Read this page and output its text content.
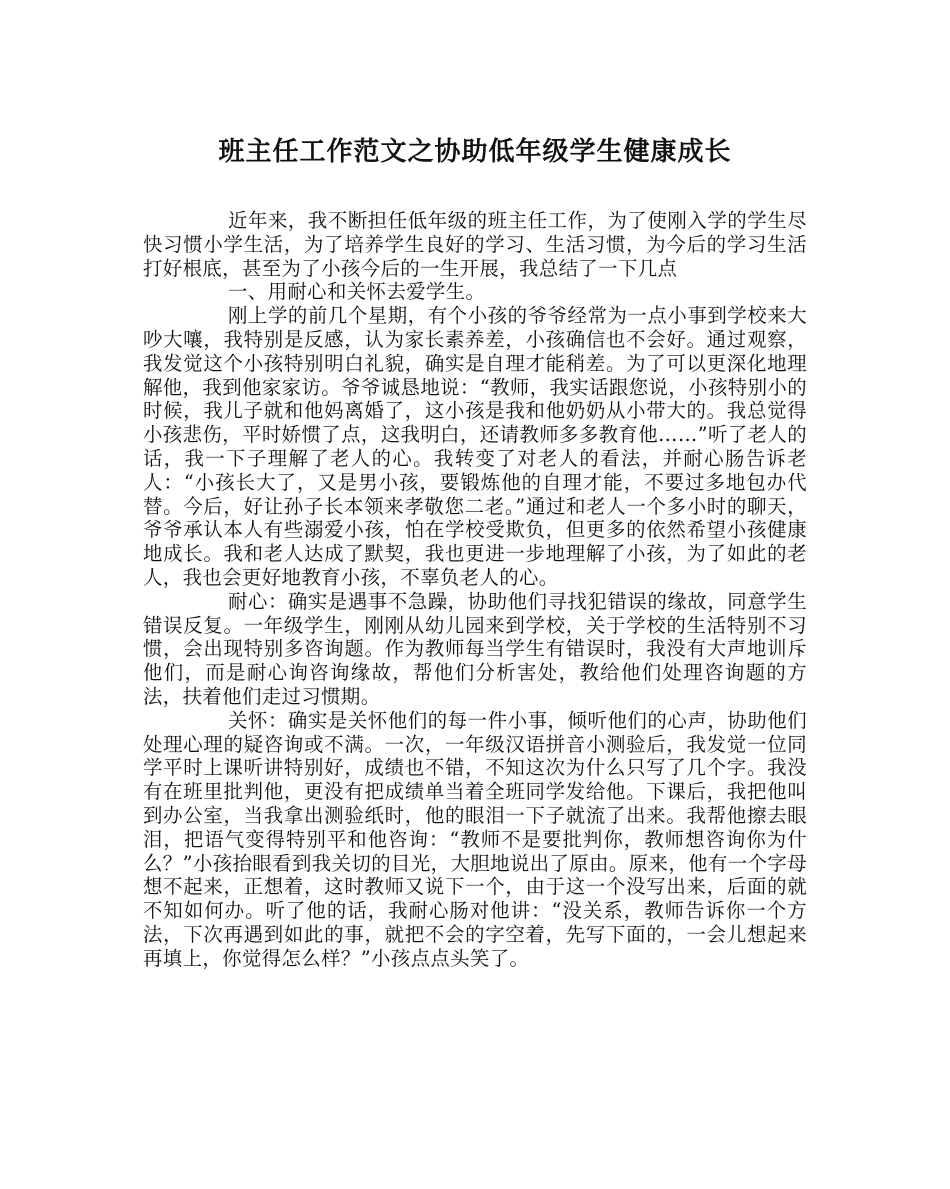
班主任工作范文之协助低年级学生健康成长

近年来，我不断担任低年级的班主任工作，为了使刚入学的学生尽快习惯小学生活，为了培养学生良好的学习、生活习惯，为今后的学习生活打好根底，甚至为了小孩今后的一生开展，我总结了一下几点

一、用耐心和关怀去爱学生。

刚上学的前几个星期，有个小孩的爷爷经常为一点小事到学校来大吵大嚷，我特别是反感，认为家长素养差，小孩确信也不会好。通过观察，我发觉这个小孩特别明白礼貌，确实是自理才能稍差。为了可以更深化地理解他，我到他家家访。爷爷诚恳地说：“教师，我实话跟您说，小孩特别小的时候，我儿子就和他妈离婚了，这小孩是我和他奶奶从小带大的。我总觉得小孩悲伤，平时娇惯了点，这我明白，还请教师多多教育他……”听了老人的话，我一下子理解了老人的心。我转变了对老人的看法，并耐心肠告诉老人：“小孩长大了，又是男小孩，要锻炼他的自理才能，不要过多地包办代替。今后，好让孙子长本领来孝敬您二老。”通过和老人一个多小时的聊天，爷爷承认本人有些溺爱小孩，怕在学校受欺负，但更多的依然希望小孩健康地成长。我和老人达成了默契，我也更进一步地理解了小孩，为了如此的老人，我也会更好地教育小孩，不辜负老人的心。

耐心：确实是遇事不急躁，协助他们寻找犯错误的缘故，同意学生错误反复。一年级学生，刚刚从幼儿园来到学校，关于学校的生活特别不习惯，会出现特别多咨询题。作为教师每当学生有错误时，我没有大声地训斥他们，而是耐心询咨询缘故，帮他们分析害处，教给他们处理咨询题的方法，扶着他们走过习惯期。

关怀：确实是关怀他们的每一件小事，倾听他们的心声，协助他们处理心理的疑咨询或不满。一次，一年级汉语拼音小测验后，我发觉一位同学平时上课听讲特别好，成绩也不错，不知这次为什么只写了几个字。我没有在班里批判他，更没有把成绩单当着全班同学发给他。下课后，我把他叫到办公室，当我拿出测验纸时，他的眼泪一下子就流了出来。我帮他擦去眼泪，把语气变得特别平和他咨询：“教师不是要批判你，教师想咨询你为什么？”小孩抬眼看到我关切的目光，大胆地说出了原由。原来，他有一个字母想不起来，正想着，这时教师又说下一个，由于这一个没写出来，后面的就不知如何办。听了他的话，我耐心肠对他讲：“没关系，教师告诉你一个方法，下次再遇到如此的事，就把不会的字空着，先写下面的，一会儿想起来再填上，你觉得怎么样？”小孩点点头笑了。
